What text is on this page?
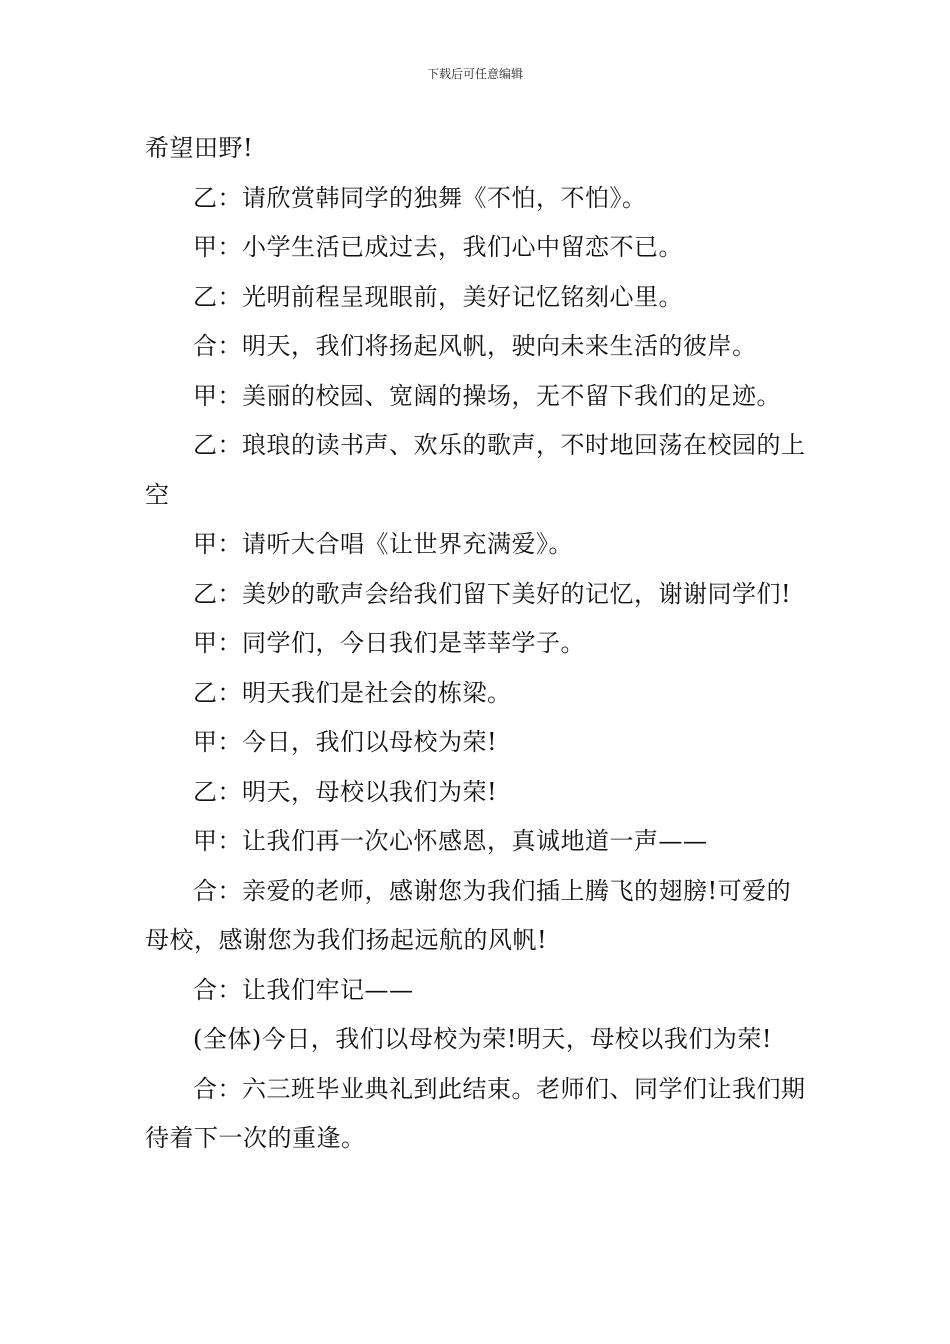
下载后可任意编辑

希望田野!

乙：请欣赏韩同学的独舞《不怕，不怕》。

甲：小学生活已成过去，我们心中留恋不已。

乙：光明前程呈现眼前，美好记忆铭刻心里。

合：明天，我们将扬起风帆，驶向未来生活的彼岸。

甲：美丽的校园、宽阔的操场，无不留下我们的足迹。

乙：琅琅的读书声、欢乐的歌声，不时地回荡在校园的上空

甲：请听大合唱《让世界充满爱》。

乙：美妙的歌声会给我们留下美好的记忆，谢谢同学们!

甲：同学们，今日我们是莘莘学子。

乙：明天我们是社会的栋梁。

甲：今日，我们以母校为荣!

乙：明天，母校以我们为荣!

甲：让我们再一次心怀感恩，真诚地道一声——

合：亲爱的老师，感谢您为我们插上腾飞的翅膀!可爱的母校，感谢您为我们扬起远航的风帆!

合：让我们牢记——

(全体)今日，我们以母校为荣!明天，母校以我们为荣!

合：六三班毕业典礼到此结束。老师们、同学们让我们期待着下一次的重逢。
